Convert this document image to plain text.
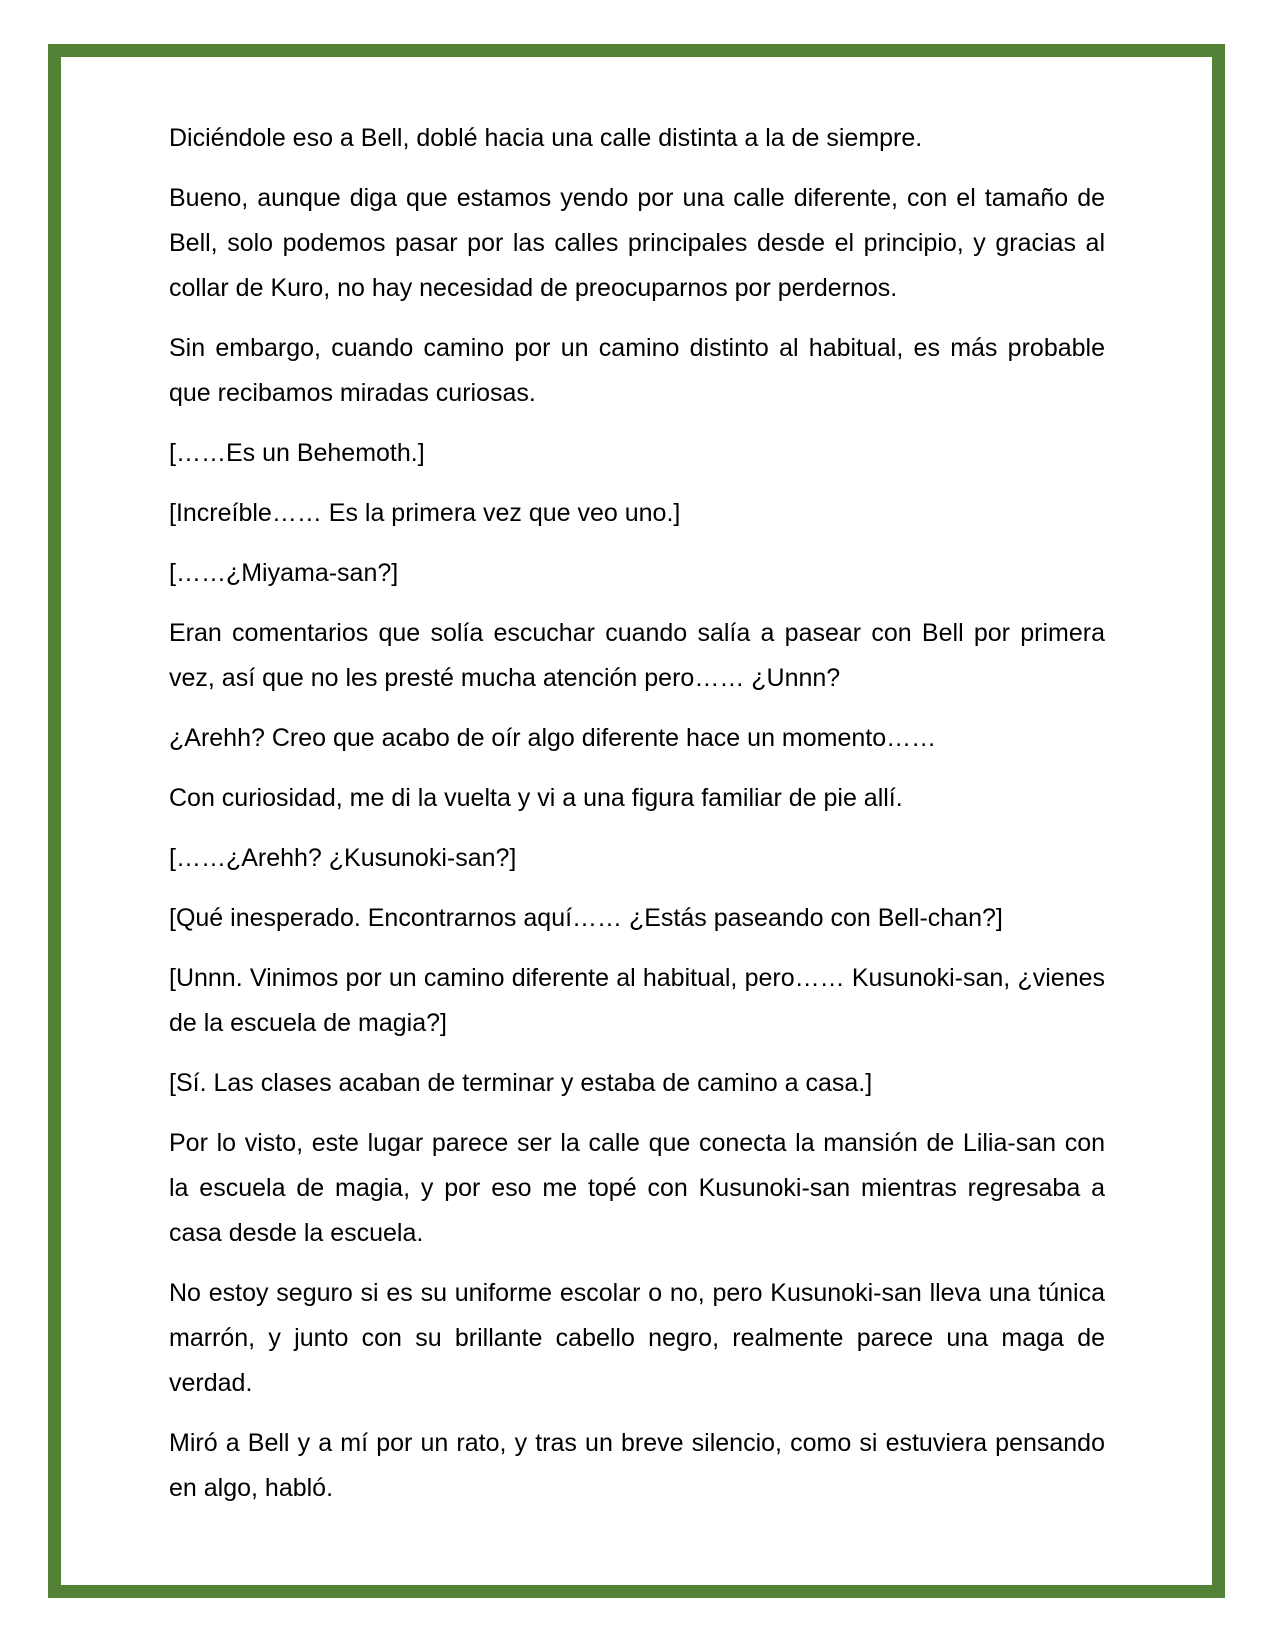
Diciéndole eso a Bell, doblé hacia una calle distinta a la de siempre.

Bueno, aunque diga que estamos yendo por una calle diferente, con el tamaño de Bell, solo podemos pasar por las calles principales desde el principio, y gracias al collar de Kuro, no hay necesidad de preocuparnos por perdernos.

Sin embargo, cuando camino por un camino distinto al habitual, es más probable que recibamos miradas curiosas.

[……Es un Behemoth.]

[Increíble…… Es la primera vez que veo uno.]

[……¿Miyama-san?]

Eran comentarios que solía escuchar cuando salía a pasear con Bell por primera vez, así que no les presté mucha atención pero…… ¿Unnn?

¿Arehh? Creo que acabo de oír algo diferente hace un momento……

Con curiosidad, me di la vuelta y vi a una figura familiar de pie allí.

[……¿Arehh? ¿Kusunoki-san?]

[Qué inesperado. Encontrarnos aquí…… ¿Estás paseando con Bell-chan?]

[Unnn. Vinimos por un camino diferente al habitual, pero…… Kusunoki-san, ¿vienes de la escuela de magia?]

[Sí. Las clases acaban de terminar y estaba de camino a casa.]

Por lo visto, este lugar parece ser la calle que conecta la mansión de Lilia-san con la escuela de magia, y por eso me topé con Kusunoki-san mientras regresaba a casa desde la escuela.

No estoy seguro si es su uniforme escolar o no, pero Kusunoki-san lleva una túnica marrón, y junto con su brillante cabello negro, realmente parece una maga de verdad.

Miró a Bell y a mí por un rato, y tras un breve silencio, como si estuviera pensando en algo, habló.
